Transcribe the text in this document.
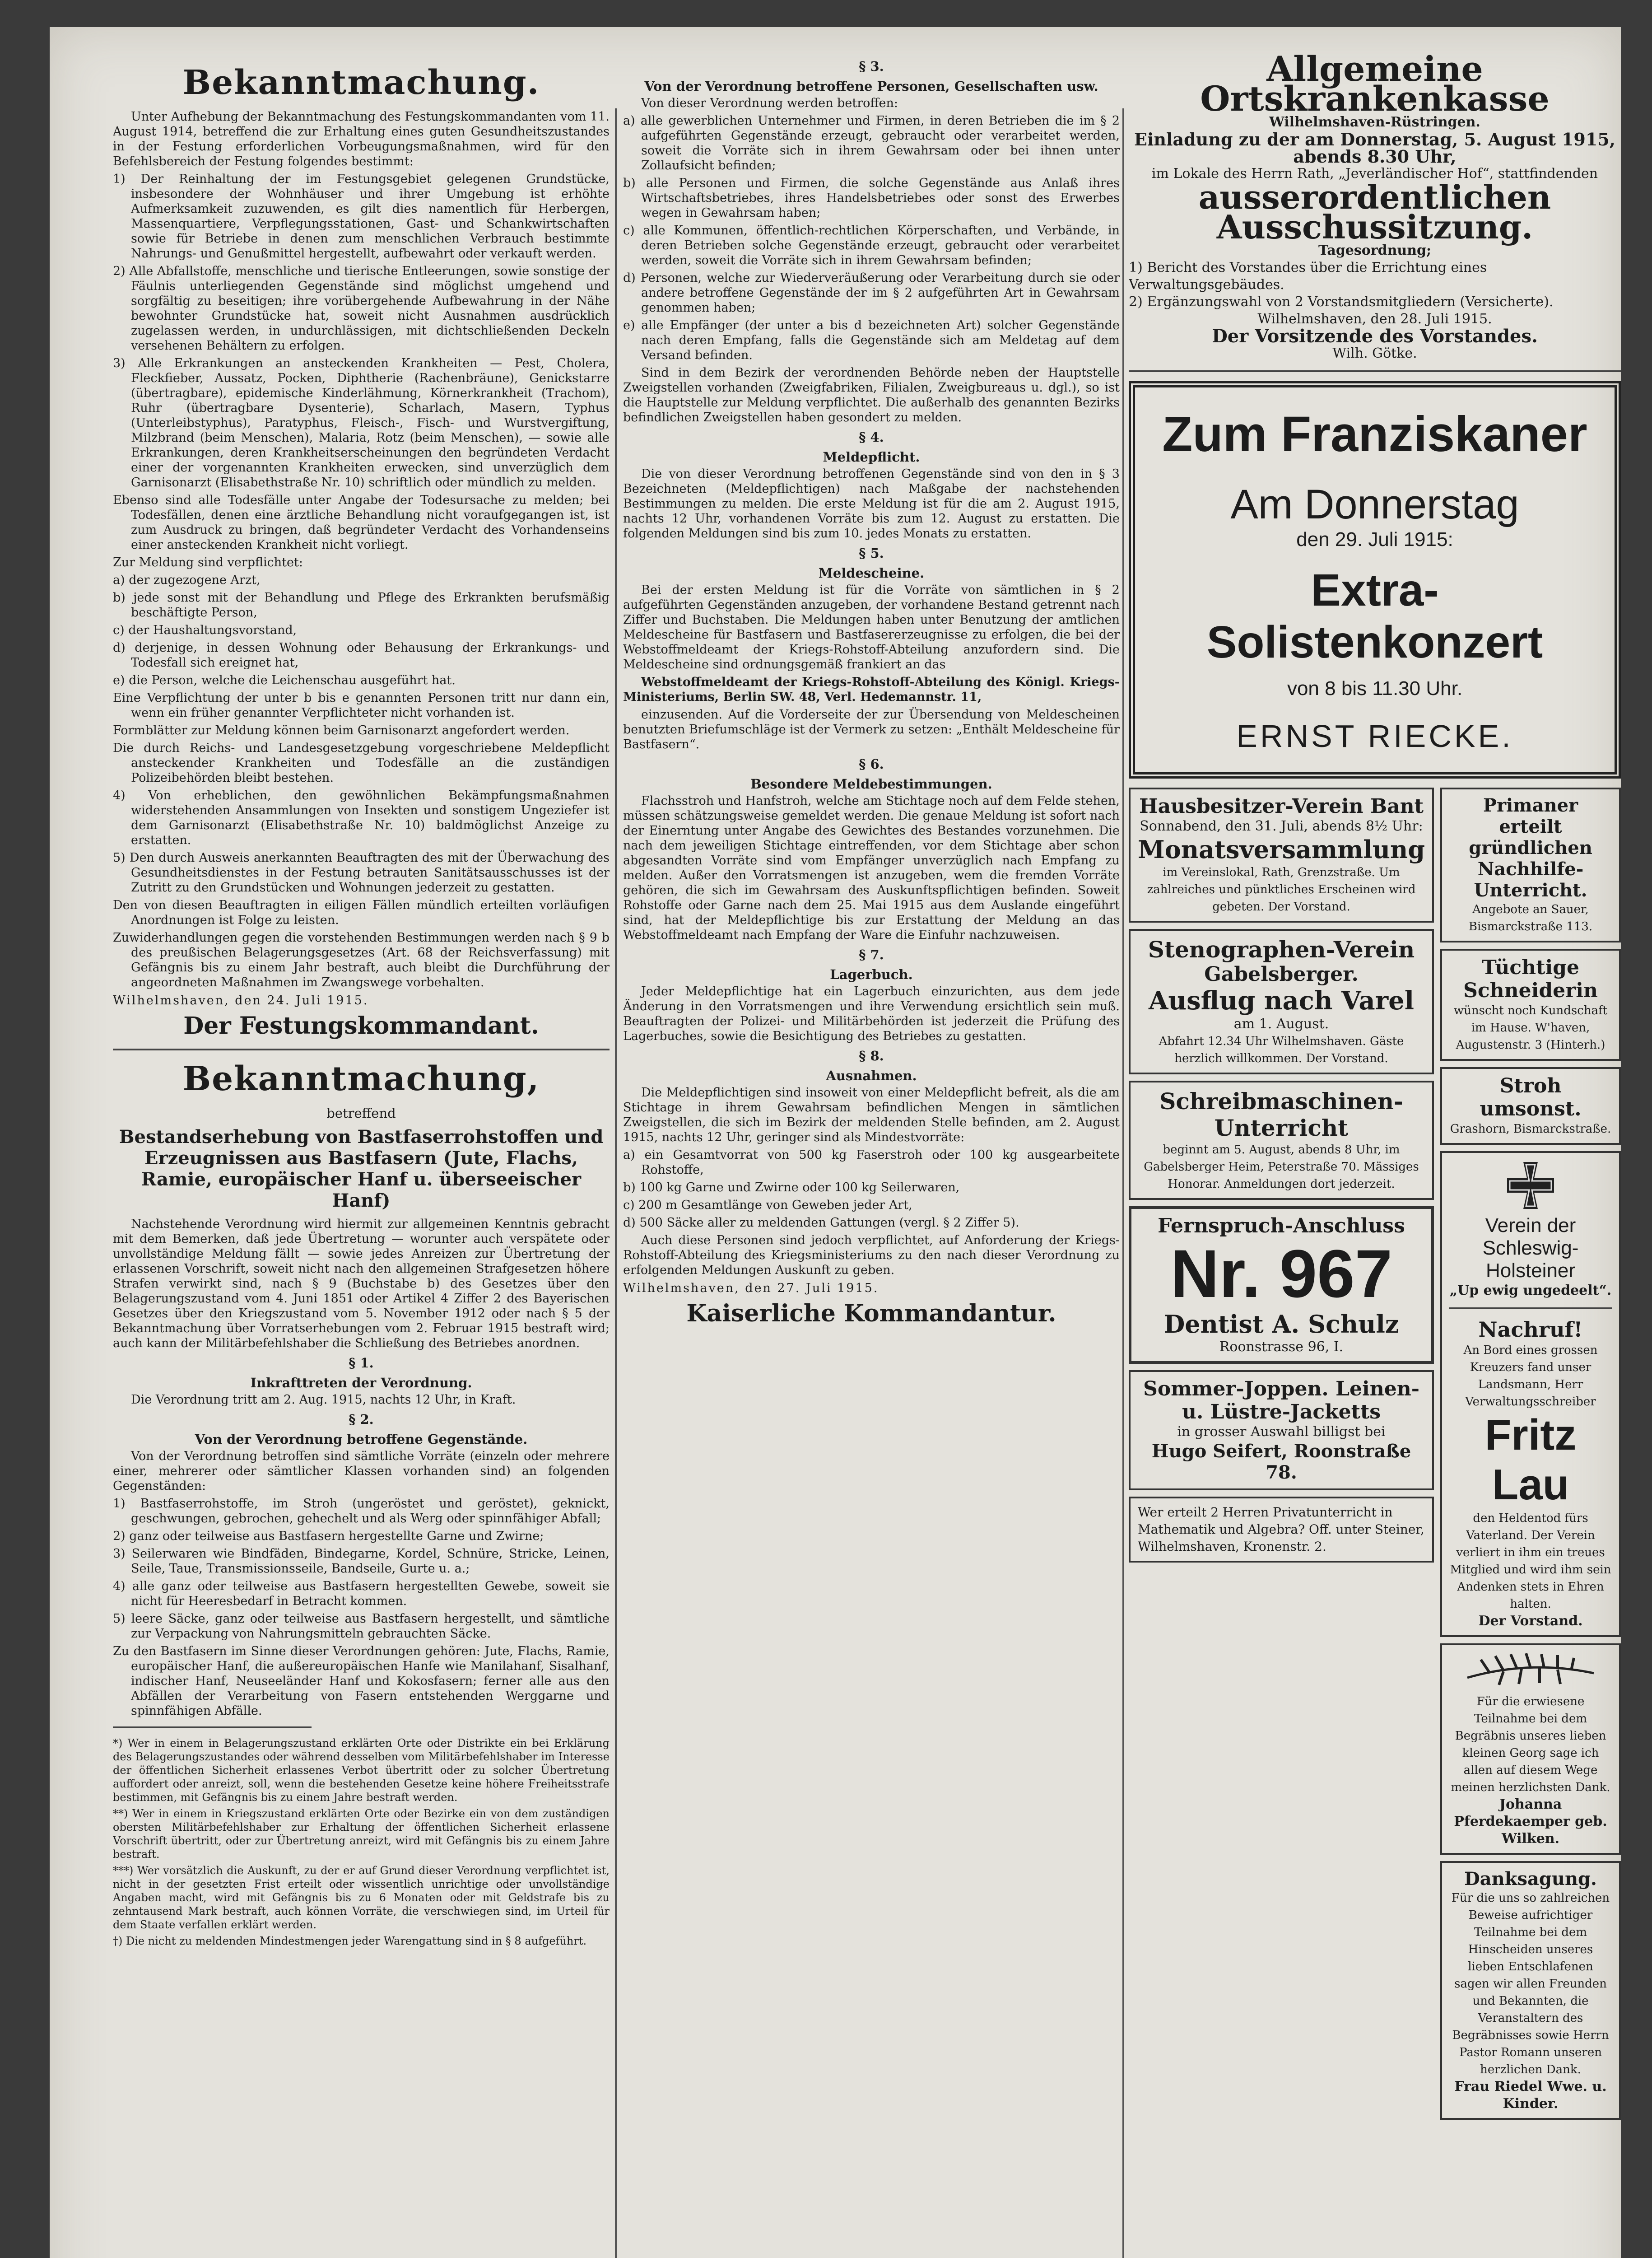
Bekanntmachung.

Unter Aufhebung der Bekanntmachung des Festungskommandanten vom 11. August 1914, betreffend die zur Erhaltung eines guten Gesundheitszustandes in der Festung erforderlichen Vorbeugungsmaßnahmen, wird für den Befehlsbereich der Festung folgendes bestimmt:

1) Der Reinhaltung der im Festungsgebiet gelegenen Grundstücke, insbesondere der Wohnhäuser und ihrer Umgebung ist erhöhte Aufmerksamkeit zuzuwenden, es gilt dies namentlich für Herbergen, Massenquartiere, Verpflegungsstationen, Gast- und Schankwirtschaften sowie für Betriebe in denen zum menschlichen Verbrauch bestimmte Nahrungs- und Genußmittel hergestellt, aufbewahrt oder verkauft werden.

2) Alle Abfallstoffe, menschliche und tierische Entleerungen, sowie sonstige der Fäulnis unterliegenden Gegenstände sind möglichst umgehend und sorgfältig zu beseitigen; ihre vorübergehende Aufbewahrung in der Nähe bewohnter Grundstücke hat, soweit nicht Ausnahmen ausdrücklich zugelassen werden, in undurchlässigen, mit dichtschließenden Deckeln versehenen Behältern zu erfolgen.

3) Alle Erkrankungen an ansteckenden Krankheiten — Pest, Cholera, Fleckfieber, Aussatz, Pocken, Diphtherie (Rachenbräune), Genickstarre (übertragbare), epidemische Kinderlähmung, Körnerkrankheit (Trachom), Ruhr (übertragbare Dysenterie), Scharlach, Masern, Typhus (Unterleibstyphus), Paratyphus, Fleisch-, Fisch- und Wurstvergiftung, Milzbrand (beim Menschen), Malaria, Rotz (beim Menschen), — sowie alle Erkrankungen, deren Krankheitserscheinungen den begründeten Verdacht einer der vorgenannten Krankheiten erwecken, sind unverzüglich dem Garnisonarzt (Elisabethstraße Nr. 10) schriftlich oder mündlich zu melden.

Ebenso sind alle Todesfälle unter Angabe der Todesursache zu melden; bei Todesfällen, denen eine ärztliche Behandlung nicht voraufgegangen ist, ist zum Ausdruck zu bringen, daß begründeter Verdacht des Vorhandenseins einer ansteckenden Krankheit nicht vorliegt.

Zur Meldung sind verpflichtet:

a) der zugezogene Arzt,

b) jede sonst mit der Behandlung und Pflege des Erkrankten berufsmäßig beschäftigte Person,

c) der Haushaltungsvorstand,

d) derjenige, in dessen Wohnung oder Behausung der Erkrankungs- und Todesfall sich ereignet hat,

e) die Person, welche die Leichenschau ausgeführt hat.

Eine Verpflichtung der unter b bis e genannten Personen tritt nur dann ein, wenn ein früher genannter Verpflichteter nicht vorhanden ist.

Formblätter zur Meldung können beim Garnisonarzt angefordert werden.

Die durch Reichs- und Landesgesetzgebung vorgeschriebene Meldepflicht ansteckender Krankheiten und Todesfälle an die zuständigen Polizeibehörden bleibt bestehen.

4) Von erheblichen, den gewöhnlichen Bekämpfungsmaßnahmen widerstehenden Ansammlungen von Insekten und sonstigem Ungeziefer ist dem Garnisonarzt (Elisabethstraße Nr. 10) baldmöglichst Anzeige zu erstatten.

5) Den durch Ausweis anerkannten Beauftragten des mit der Überwachung des Gesundheitsdienstes in der Festung betrauten Sanitätsausschusses ist der Zutritt zu den Grundstücken und Wohnungen jederzeit zu gestatten.

Den von diesen Beauftragten in eiligen Fällen mündlich erteilten vorläufigen Anordnungen ist Folge zu leisten.

Zuwiderhandlungen gegen die vorstehenden Bestimmungen werden nach § 9 b des preußischen Belagerungsgesetzes (Art. 68 der Reichsverfassung) mit Gefängnis bis zu einem Jahr bestraft, auch bleibt die Durchführung der angeordneten Maßnahmen im Zwangswege vorbehalten.

Wilhelmshaven, den 24. Juli 1915.
Der Festungskommandant.
Bekanntmachung,
betreffend
Bestandserhebung von Bastfaserrohstoffen und Erzeugnissen aus Bastfasern (Jute, Flachs, Ramie, europäischer Hanf u. überseeischer Hanf)

Nachstehende Verordnung wird hiermit zur allgemeinen Kenntnis gebracht mit dem Bemerken, daß jede Übertretung — worunter auch verspätete oder unvollständige Meldung fällt — sowie jedes Anreizen zur Übertretung der erlassenen Vorschrift, soweit nicht nach den allgemeinen Strafgesetzen höhere Strafen verwirkt sind, nach § 9 (Buchstabe b) des Gesetzes über den Belagerungszustand vom 4. Juni 1851 oder Artikel 4 Ziffer 2 des Bayerischen Gesetzes über den Kriegszustand vom 5. November 1912 oder nach § 5 der Bekanntmachung über Vorratserhebungen vom 2. Februar 1915 bestraft wird; auch kann der Militärbefehlshaber die Schließung des Betriebes anordnen.

§ 1.
Inkrafttreten der Verordnung.

Die Verordnung tritt am 2. Aug. 1915, nachts 12 Uhr, in Kraft.

§ 2.
Von der Verordnung betroffene Gegenstände.

Von der Verordnung betroffen sind sämtliche Vorräte (einzeln oder mehrere einer, mehrerer oder sämtlicher Klassen vorhanden sind) an folgenden Gegenständen:

1) Bastfaserrohstoffe, im Stroh (ungeröstet und geröstet), geknickt, geschwungen, gebrochen, gehechelt und als Werg oder spinnfähiger Abfall;

2) ganz oder teilweise aus Bastfasern hergestellte Garne und Zwirne;

3) Seilerwaren wie Bindfäden, Bindegarne, Kordel, Schnüre, Stricke, Leinen, Seile, Taue, Transmissionsseile, Bandseile, Gurte u. a.;

4) alle ganz oder teilweise aus Bastfasern hergestellten Gewebe, soweit sie nicht für Heeresbedarf in Betracht kommen.

5) leere Säcke, ganz oder teilweise aus Bastfasern hergestellt, und sämtliche zur Verpackung von Nahrungsmitteln gebrauchten Säcke.

Zu den Bastfasern im Sinne dieser Verordnungen gehören: Jute, Flachs, Ramie, europäischer Hanf, die außereuropäischen Hanfe wie Manilahanf, Sisalhanf, indischer Hanf, Neuseeländer Hanf und Kokosfasern; ferner alle aus den Abfällen der Verarbeitung von Fasern entstehenden Werggarne und spinnfähigen Abfälle.

*) Wer in einem in Belagerungszustand erklärten Orte oder Distrikte ein bei Erklärung des Belagerungszustandes oder während desselben vom Militärbefehlshaber im Interesse der öffentlichen Sicherheit erlassenes Verbot übertritt oder zu solcher Übertretung auffordert oder anreizt, soll, wenn die bestehenden Gesetze keine höhere Freiheitsstrafe bestimmen, mit Gefängnis bis zu einem Jahre bestraft werden.

**) Wer in einem in Kriegszustand erklärten Orte oder Bezirke ein von dem zuständigen obersten Militärbefehlshaber zur Erhaltung der öffentlichen Sicherheit erlassene Vorschrift übertritt, oder zur Übertretung anreizt, wird mit Gefängnis bis zu einem Jahre bestraft.

***) Wer vorsätzlich die Auskunft, zu der er auf Grund dieser Verordnung verpflichtet ist, nicht in der gesetzten Frist erteilt oder wissentlich unrichtige oder unvollständige Angaben macht, wird mit Gefängnis bis zu 6 Monaten oder mit Geldstrafe bis zu zehntausend Mark bestraft, auch können Vorräte, die verschwiegen sind, im Urteil für dem Staate verfallen erklärt werden.

†) Die nicht zu meldenden Mindestmengen jeder Warengattung sind in § 8 aufgeführt.

§ 3.
Von der Verordnung betroffene Personen, Gesellschaften usw.

Von dieser Verordnung werden betroffen:

a) alle gewerblichen Unternehmer und Firmen, in deren Betrieben die im § 2 aufgeführten Gegenstände erzeugt, gebraucht oder verarbeitet werden, soweit die Vorräte sich in ihrem Gewahrsam oder bei ihnen unter Zollaufsicht befinden;

b) alle Personen und Firmen, die solche Gegenstände aus Anlaß ihres Wirtschaftsbetriebes, ihres Handelsbetriebes oder sonst des Erwerbes wegen in Gewahrsam haben;

c) alle Kommunen, öffentlich-rechtlichen Körperschaften, und Verbände, in deren Betrieben solche Gegenstände erzeugt, gebraucht oder verarbeitet werden, soweit die Vorräte sich in ihrem Gewahrsam befinden;

d) Personen, welche zur Wiederveräußerung oder Verarbeitung durch sie oder andere betroffene Gegenstände der im § 2 aufgeführten Art in Gewahrsam genommen haben;

e) alle Empfänger (der unter a bis d bezeichneten Art) solcher Gegenstände nach deren Empfang, falls die Gegenstände sich am Meldetag auf dem Versand befinden.

Sind in dem Bezirk der verordnenden Behörde neben der Hauptstelle Zweigstellen vorhanden (Zweigfabriken, Filialen, Zweigbureaus u. dgl.), so ist die Hauptstelle zur Meldung verpflichtet. Die außerhalb des genannten Bezirks befindlichen Zweigstellen haben gesondert zu melden.

§ 4.
Meldepflicht.

Die von dieser Verordnung betroffenen Gegenstände sind von den in § 3 Bezeichneten (Meldepflichtigen) nach Maßgabe der nachstehenden Bestimmungen zu melden. Die erste Meldung ist für die am 2. August 1915, nachts 12 Uhr, vorhandenen Vorräte bis zum 12. August zu erstatten. Die folgenden Meldungen sind bis zum 10. jedes Monats zu erstatten.

§ 5.
Meldescheine.

Bei der ersten Meldung ist für die Vorräte von sämtlichen in § 2 aufgeführten Gegenständen anzugeben, der vorhandene Bestand getrennt nach Ziffer und Buchstaben. Die Meldungen haben unter Benutzung der amtlichen Meldescheine für Bastfasern und Bastfasererzeugnisse zu erfolgen, die bei der Webstoffmeldeamt der Kriegs-Rohstoff-Abteilung anzufordern sind. Die Meldescheine sind ordnungsgemäß frankiert an das

Webstoffmeldeamt der Kriegs-Rohstoff-Abteilung des Königl. Kriegs-Ministeriums, Berlin SW. 48, Verl. Hedemannstr. 11,

einzusenden. Auf die Vorderseite der zur Übersendung von Meldescheinen benutzten Briefumschläge ist der Vermerk zu setzen: „Enthält Meldescheine für Bastfasern“.

§ 6.
Besondere Meldebestimmungen.

Flachsstroh und Hanfstroh, welche am Stichtage noch auf dem Felde stehen, müssen schätzungsweise gemeldet werden. Die genaue Meldung ist sofort nach der Einerntung unter Angabe des Gewichtes des Bestandes vorzunehmen. Die nach dem jeweiligen Stichtage eintreffenden, vor dem Stichtage aber schon abgesandten Vorräte sind vom Empfänger unverzüglich nach Empfang zu melden. Außer den Vorratsmengen ist anzugeben, wem die fremden Vorräte gehören, die sich im Gewahrsam des Auskunftspflichtigen befinden. Soweit Rohstoffe oder Garne nach dem 25. Mai 1915 aus dem Auslande eingeführt sind, hat der Meldepflichtige bis zur Erstattung der Meldung an das Webstoffmeldeamt nach Empfang der Ware die Einfuhr nachzuweisen.

§ 7.
Lagerbuch.

Jeder Meldepflichtige hat ein Lagerbuch einzurichten, aus dem jede Änderung in den Vorratsmengen und ihre Verwendung ersichtlich sein muß. Beauftragten der Polizei- und Militärbehörden ist jederzeit die Prüfung des Lagerbuches, sowie die Besichtigung des Betriebes zu gestatten.

§ 8.
Ausnahmen.

Die Meldepflichtigen sind insoweit von einer Meldepflicht befreit, als die am Stichtage in ihrem Gewahrsam befindlichen Mengen in sämtlichen Zweigstellen, die sich im Bezirk der meldenden Stelle befinden, am 2. August 1915, nachts 12 Uhr, geringer sind als Mindestvorräte:

a) ein Gesamtvorrat von 500 kg Faserstroh oder 100 kg ausgearbeitete Rohstoffe,

b) 100 kg Garne und Zwirne oder 100 kg Seilerwaren,

c) 200 m Gesamtlänge von Geweben jeder Art,

d) 500 Säcke aller zu meldenden Gattungen (vergl. § 2 Ziffer 5).

Auch diese Personen sind jedoch verpflichtet, auf Anforderung der Kriegs-Rohstoff-Abteilung des Kriegsministeriums zu den nach dieser Verordnung zu erfolgenden Meldungen Auskunft zu geben.

Wilhelmshaven, den 27. Juli 1915.
Kaiserliche Kommandantur.
Allgemeine Ortskrankenkasse
Wilhelmshaven-Rüstringen.
Einladung zu der am Donnerstag, 5. August 1915, abends 8.30 Uhr,
im Lokale des Herrn Rath, „Jeverländischer Hof“, stattfindenden
ausserordentlichen Ausschussitzung.
Tagesordnung;
1) Bericht des Vorstandes über die Errichtung eines Verwaltungsgebäudes.
2) Ergänzungswahl von 2 Vorstandsmitgliedern (Versicherte).
Wilhelmshaven, den 28. Juli 1915.
Der Vorsitzende des Vorstandes.
Wilh. Götke.
Zum Franziskaner
Am Donnerstag
den 29. Juli 1915:
Extra-Solistenkonzert
von 8 bis 11.30 Uhr.
ERNST RIECKE.
Hausbesitzer-Verein Bant
Sonnabend, den 31. Juli, abends 8½ Uhr:
Monatsversammlung
im Vereinslokal, Rath, Grenzstraße. Um zahlreiches und pünktliches Erscheinen wird gebeten. Der Vorstand.
Stenographen-Verein
Gabelsberger.
Ausflug nach Varel
am 1. August.
Abfahrt 12.34 Uhr Wilhelmshaven. Gäste herzlich willkommen. Der Vorstand.
Schreibmaschinen-Unterricht
beginnt am 5. August, abends 8 Uhr, im Gabelsberger Heim, Peterstraße 70. Mässiges Honorar. Anmeldungen dort jederzeit.
Fernspruch-Anschluss
Nr. 967
Dentist A. Schulz
Roonstrasse 96, I.
Sommer-Joppen. Leinen- u. Lüstre-Jacketts
in grosser Auswahl billigst bei
Hugo Seifert, Roonstraße 78.
Wer erteilt 2 Herren Privatunterricht in Mathematik und Algebra? Off. unter Steiner, Wilhelmshaven, Kronenstr. 2.
Primaner erteilt gründlichen Nachhilfe-Unterricht.
Angebote an Sauer, Bismarckstraße 113.
Tüchtige Schneiderin
wünscht noch Kundschaft im Hause. W'haven, Augustenstr. 3 (Hinterh.)
Stroh umsonst.
Grashorn, Bismarckstraße.
Verein der Schleswig-Holsteiner
„Up ewig ungedeelt“.
Nachruf!
An Bord eines grossen Kreuzers fand unser Landsmann, Herr Verwaltungsschreiber
Fritz Lau
den Heldentod fürs Vaterland. Der Verein verliert in ihm ein treues Mitglied und wird ihm sein Andenken stets in Ehren halten.
Der Vorstand.
Für die erwiesene Teilnahme bei dem Begräbnis unseres lieben kleinen Georg sage ich allen auf diesem Wege meinen herzlichsten Dank.
Johanna Pferdekaemper geb. Wilken.
Danksagung.
Für die uns so zahlreichen Beweise aufrichtiger Teilnahme bei dem Hinscheiden unseres lieben Entschlafenen sagen wir allen Freunden und Bekannten, die Veranstaltern des Begräbnisses sowie Herrn Pastor Romann unseren herzlichen Dank.
Frau Riedel Wwe. u. Kinder.
